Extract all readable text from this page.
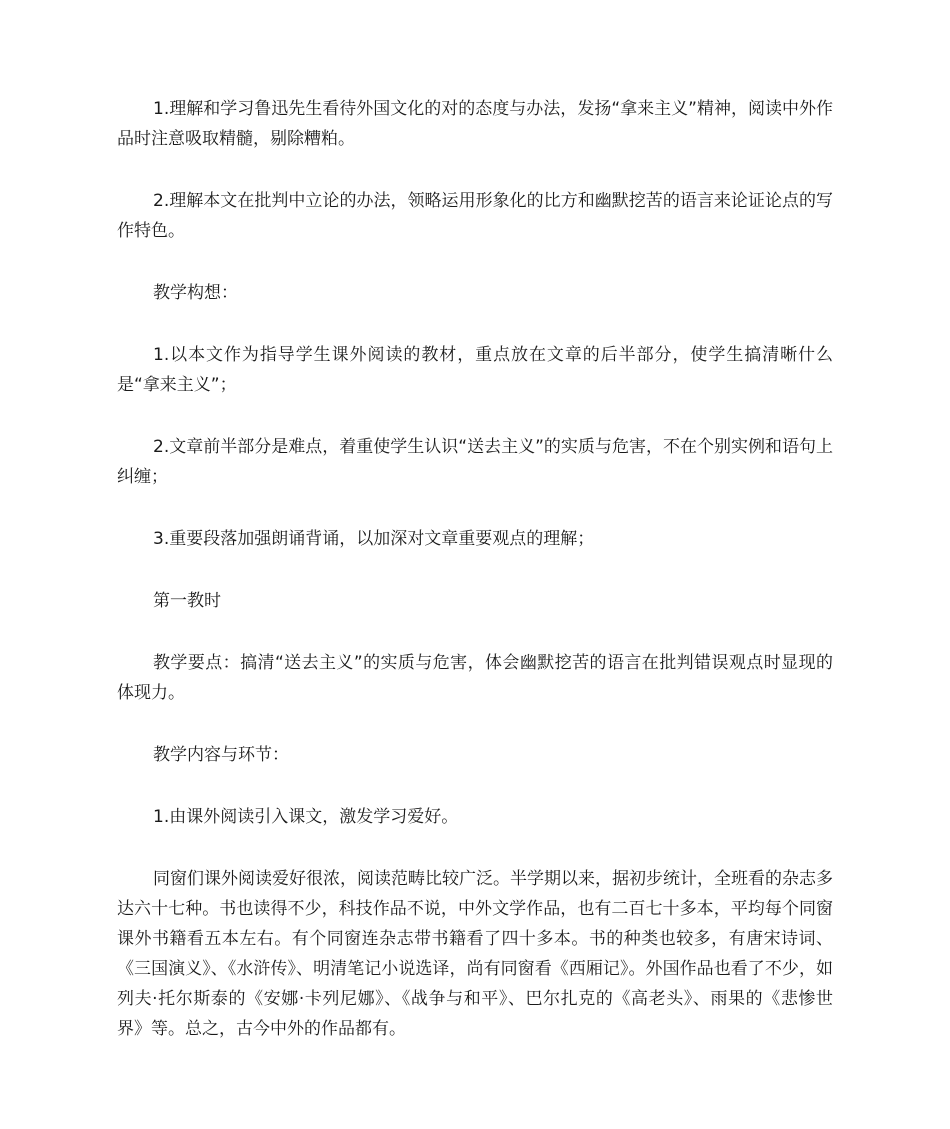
1.理解和学习鲁迅先生看待外国文化的对的态度与办法，发扬“拿来主义”精神，阅读中外作品时注意吸取精髓，剔除糟粕。

2.理解本文在批判中立论的办法，领略运用形象化的比方和幽默挖苦的语言来论证论点的写作特色。

教学构想：

1.以本文作为指导学生课外阅读的教材，重点放在文章的后半部分，使学生搞清晰什么是“拿来主义”；

2.文章前半部分是难点，着重使学生认识“送去主义”的实质与危害，不在个别实例和语句上纠缠；

3.重要段落加强朗诵背诵，以加深对文章重要观点的理解；

第一教时

教学要点：搞清“送去主义”的实质与危害，体会幽默挖苦的语言在批判错误观点时显现的体现力。

教学内容与环节：

1.由课外阅读引入课文，激发学习爱好。

同窗们课外阅读爱好很浓，阅读范畴比较广泛。半学期以来，据初步统计，全班看的杂志多达六十七种。书也读得不少，科技作品不说，中外文学作品，也有二百七十多本，平均每个同窗课外书籍看五本左右。有个同窗连杂志带书籍看了四十多本。书的种类也较多，有唐宋诗词、《三国演义》、《水浒传》、明清笔记小说选译，尚有同窗看《西厢记》。外国作品也看了不少，如列夫·托尔斯泰的《安娜·卡列尼娜》、《战争与和平》、巴尔扎克的《高老头》、雨果的《悲惨世界》等。总之，古今中外的作品都有。
